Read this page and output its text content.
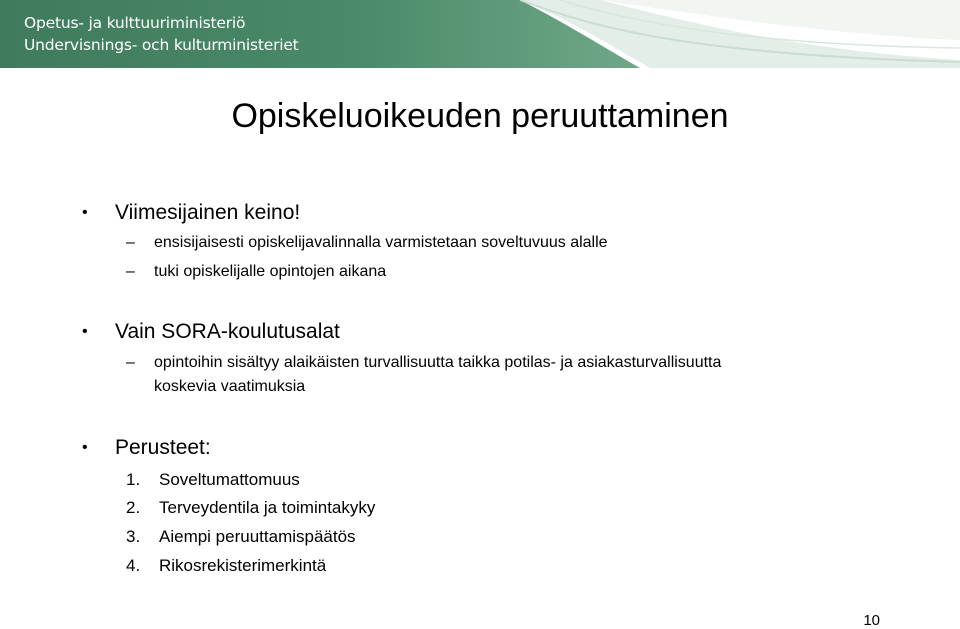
Opetus- ja kulttuuriministeriö
Undervisnings- och kulturministeriet
Opiskeluoikeuden peruuttaminen
• Viimesijainen keino!
– ensisijaisesti opiskelijavalinnalla varmistetaan soveltuvuus alalle
– tuki opiskelijalle opintojen aikana
• Vain SORA-koulutusalat
– opintoihin sisältyy alaikäisten turvallisuutta taikka potilas- ja asiakasturvallisuutta
koskevia vaatimuksia
• Perusteet:
1. Soveltumattomuus
2. Terveydentila ja toimintakyky
3. Aiempi peruuttamispäätös
4. Rikosrekisterimerkintä
10
